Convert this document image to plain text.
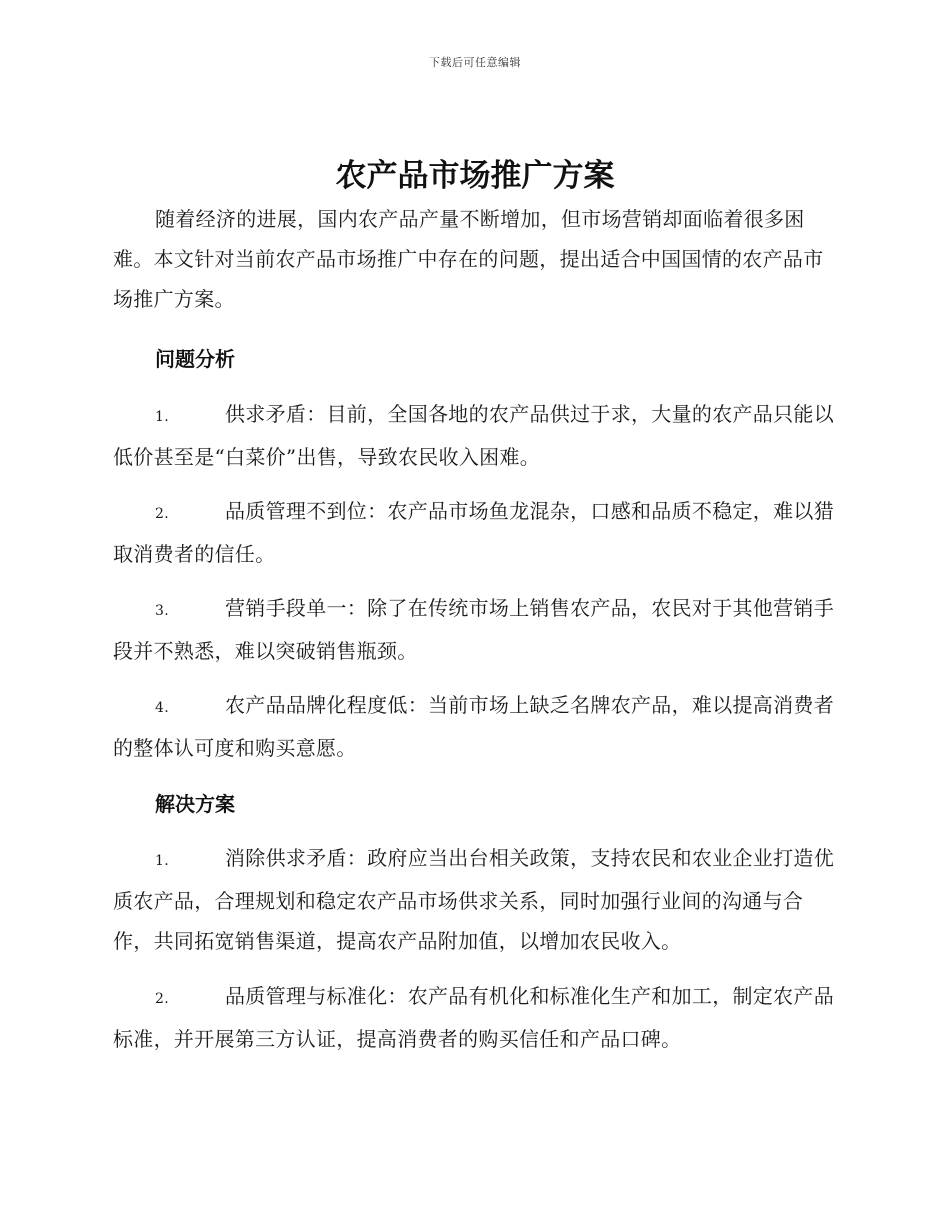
下载后可任意编辑
农产品市场推广方案

随着经济的进展，国内农产品产量不断增加，但市场营销却面临着很多困难。本文针对当前农产品市场推广中存在的问题，提出适合中国国情的农产品市场推广方案。

问题分析

1.	供求矛盾：目前，全国各地的农产品供过于求，大量的农产品只能以低价甚至是“白菜价”出售，导致农民收入困难。

2.	品质管理不到位：农产品市场鱼龙混杂，口感和品质不稳定，难以猎取消费者的信任。

3.	营销手段单一：除了在传统市场上销售农产品，农民对于其他营销手段并不熟悉，难以突破销售瓶颈。

4.	农产品品牌化程度低：当前市场上缺乏名牌农产品，难以提高消费者的整体认可度和购买意愿。

解决方案

1.	消除供求矛盾：政府应当出台相关政策，支持农民和农业企业打造优质农产品，合理规划和稳定农产品市场供求关系，同时加强行业间的沟通与合作，共同拓宽销售渠道，提高农产品附加值，以增加农民收入。

2.	品质管理与标准化：农产品有机化和标准化生产和加工，制定农产品标准，并开展第三方认证，提高消费者的购买信任和产品口碑。
